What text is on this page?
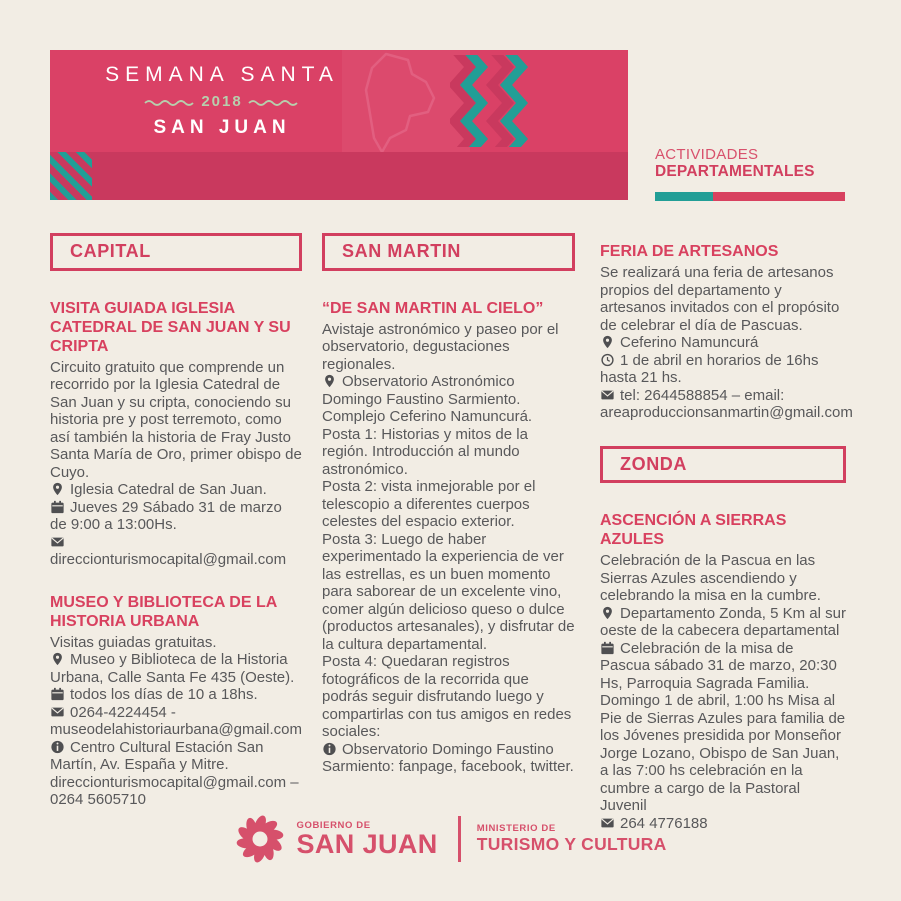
SEMANA SANTA
2018
SAN JUAN
ACTIVIDADES
DEPARTAMENTALES
CAPITAL

VISITA GUIADA IGLESIA CATEDRAL DE SAN JUAN Y SU CRIPTA

Circuito gratuito que comprende un recorrido por la Iglesia Catedral de San Juan y su cripta, conociendo su historia pre y post terremoto, como así también la historia de Fray Justo Santa María de Oro, primer obispo de Cuyo.

Iglesia Catedral de San Juan.

Jueves 29 Sábado 31 de marzo de 9:00 a 13:00Hs.

direccionturismocapital@gmail.com

MUSEO Y BIBLIOTECA DE LA HISTORIA URBANA

Visitas guiadas gratuitas.

Museo y Biblioteca de la Historia Urbana, Calle Santa Fe 435 (Oeste).

todos los días de 10 a 18hs.

0264-4224454 - museodelahistoriaurbana@gmail.com

Centro Cultural Estación San Martín, Av. España y Mitre. direccionturismocapital@gmail.com – 0264 5605710

SAN MARTIN

“DE SAN MARTIN AL CIELO”

Avistaje astronómico y paseo por el observatorio, degustaciones regionales.

Observatorio Astronómico Domingo Faustino Sarmiento. Complejo Ceferino Namuncurá.

Posta 1: Historias y mitos de la región. Introducción al mundo astronómico.

Posta 2: vista inmejorable por el telescopio a diferentes cuerpos celestes del espacio exterior.

Posta 3: Luego de haber experimentado la experiencia de ver las estrellas, es un buen momento para saborear de un excelente vino, comer algún delicioso queso o dulce (productos artesanales), y disfrutar de la cultura departamental.

Posta 4: Quedaran registros fotográficos de la recorrida que podrás seguir disfrutando luego y compartirlas con tus amigos en redes sociales:

Observatorio Domingo Faustino Sarmiento: fanpage, facebook, twitter.

FERIA DE ARTESANOS

Se realizará una feria de artesanos propios del departamento y artesanos invitados con el propósito de celebrar el día de Pascuas.

Ceferino Namuncurá

1 de abril en horarios de 16hs hasta 21 hs.

tel: 2644588854 – email: areaproduccionsanmartin@gmail.com

ZONDA

ASCENCIÓN A SIERRAS AZULES

Celebración de la Pascua en las Sierras Azules ascendiendo y celebrando la misa en la cumbre.

Departamento Zonda, 5 Km al sur oeste de la cabecera departamental

Celebración de la misa de Pascua sábado 31 de marzo, 20:30 Hs, Parroquia Sagrada Familia. Domingo 1 de abril, 1:00 hs Misa al Pie de Sierras Azules para familia de los Jóvenes presidida por Monseñor Jorge Lozano, Obispo de San Juan, a las 7:00 hs celebración en la cumbre a cargo de la Pastoral Juvenil

264 4776188

GOBIERNO DE
SAN JUAN
MINISTERIO DE
TURISMO Y CULTURA
